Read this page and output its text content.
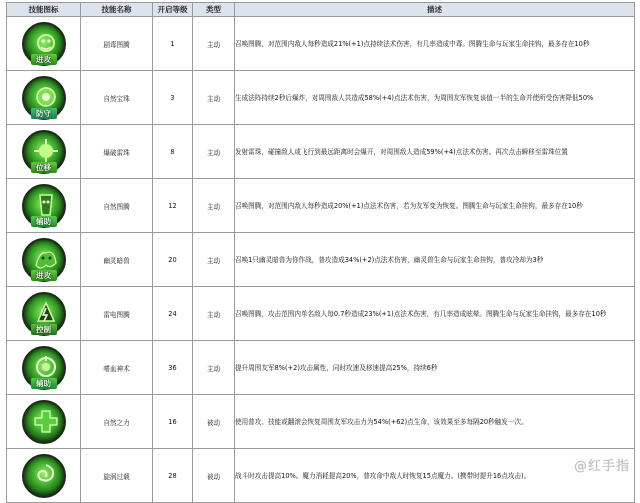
技能图标	技能名称	开启等级	类型	描述

进攻	剧毒图腾	1	主动	召唤图腾，对范围内敌人每秒造成21%(+1)点持续法术伤害，有几率造成中毒。图腾生命与玩家生命挂钩，最多存在10秒

防守	自然宝珠	3	主动	生成法阵持续2秒后爆炸，对周围敌人共造成58%(+4)点法术伤害，为周围友军恢复该值一半的生命并使所受伤害降低50%

位移	爆破雷珠	8	主动	发射雷珠，碰撞敌人或飞行到最远距离时会爆开，对周围敌人造成59%(+4)点法术伤害。再次点击瞬移至雷珠位置

辅助	自然图腾	12	主动	召唤图腾，对范围内敌人每秒造成20%(+1)点法术伤害，若为友军变为恢复。图腾生命与玩家生命挂钩，最多存在10秒

进攻	幽灵暗兽	20	主动	召唤1只幽灵暗兽为你作战，普攻造成34%(+2)点法术伤害，幽灵兽生命与玩家生命挂钩，普攻冷却为3秒

控制	雷电图腾	24	主动	召唤图腾，攻击范围内单名敌人每0.7秒造成23%(+1)点法术伤害，有几率造成眩晕。图腾生命与玩家生命挂钩，最多存在10秒

辅助	嗜血神术	36	主动	提升周围友军8%(+2)攻击属性，同时攻速及移速提高25%，持续6秒

	自然之力	16	被动	使用普攻、技能或翻滚会恢复周围友军攻击力为54%(+62)点生命，该效果至多每隔20秒触发一次。

	旋涡过载	28	被动	战斗时攻击提高10%。魔力消耗提高20%，普攻命中敌人时恢复15点魔力。(携带时提升16点攻击)。
@红手指
